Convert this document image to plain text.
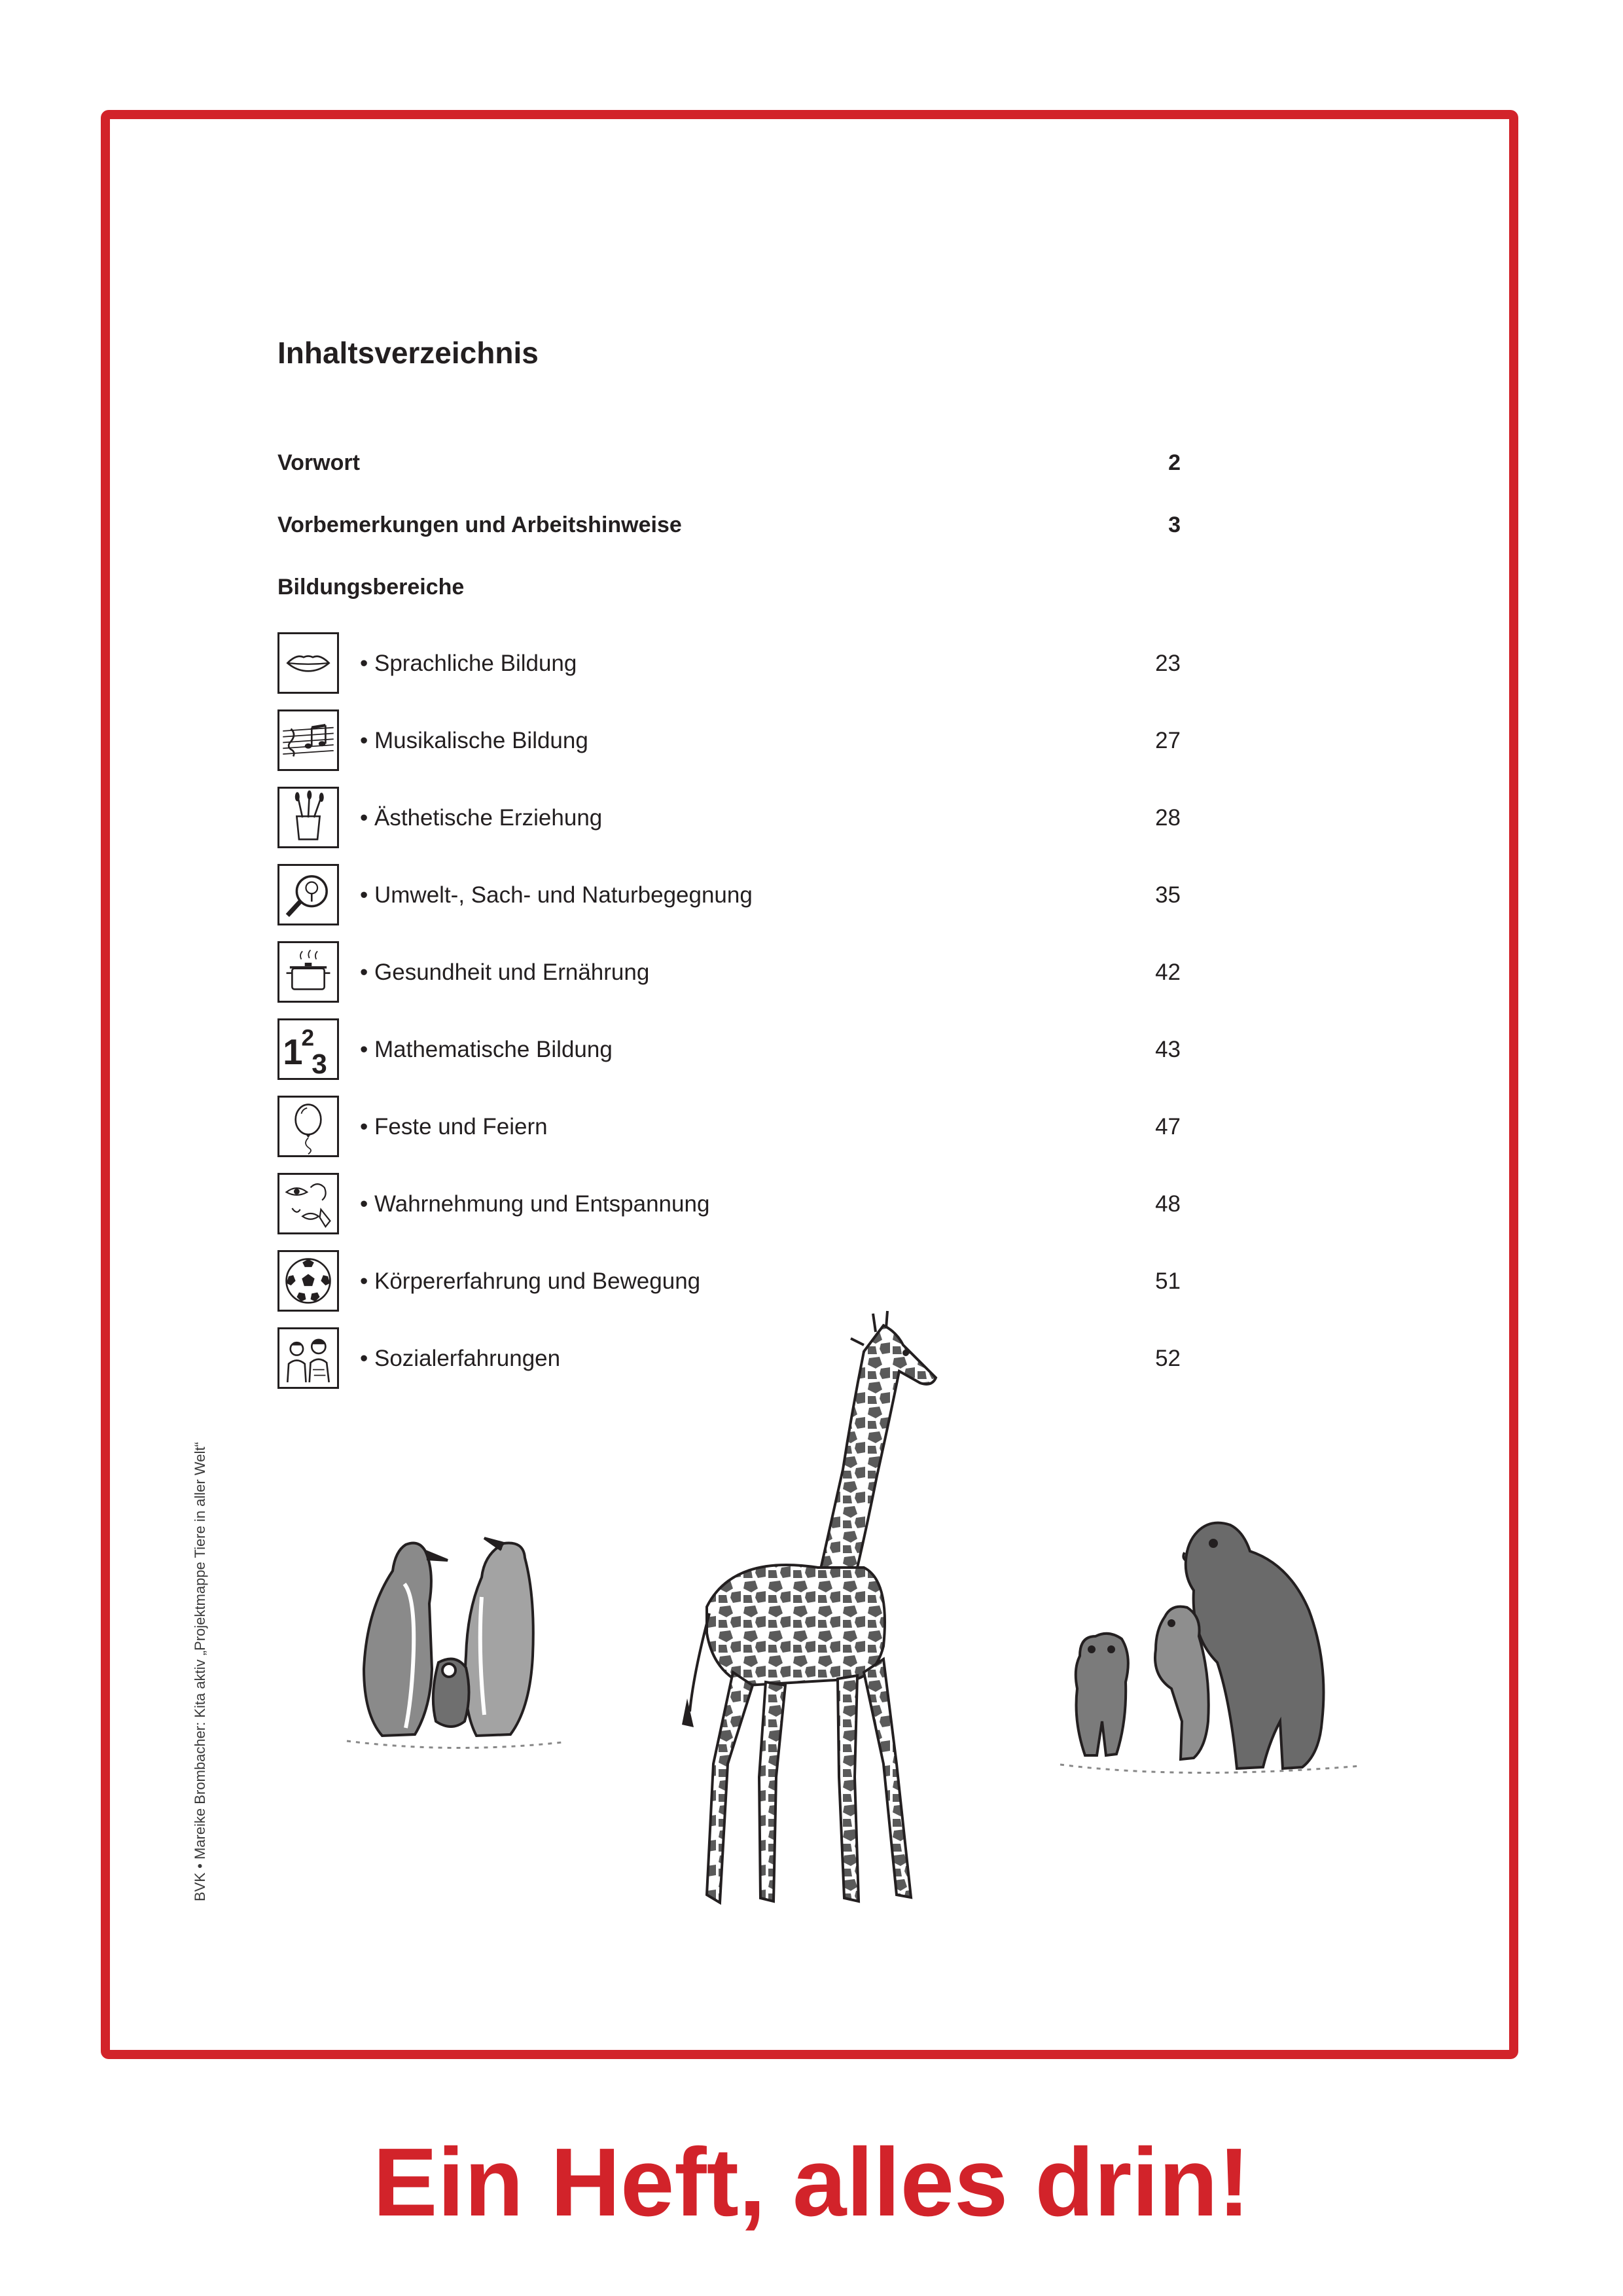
Inhaltsverzeichnis
Vorwort	2
Vorbemerkungen und Arbeitshinweise	3
Bildungsbereiche
• Sprachliche Bildung	23
• Musikalische Bildung	27
• Ästhetische Erziehung	28
• Umwelt-, Sach- und Naturbegegnung	35
• Gesundheit und Ernährung	42
1
2
3 • Mathematische Bildung	43
• Feste und Feiern	47
• Wahrnehmung und Entspannung	48
• Körpererfahrung und Bewegung	51
• Sozialerfahrungen	52
BVK • Mareike Brombacher: Kita aktiv „Projektmappe Tiere in aller Welt“
Ein Heft, alles drin!
